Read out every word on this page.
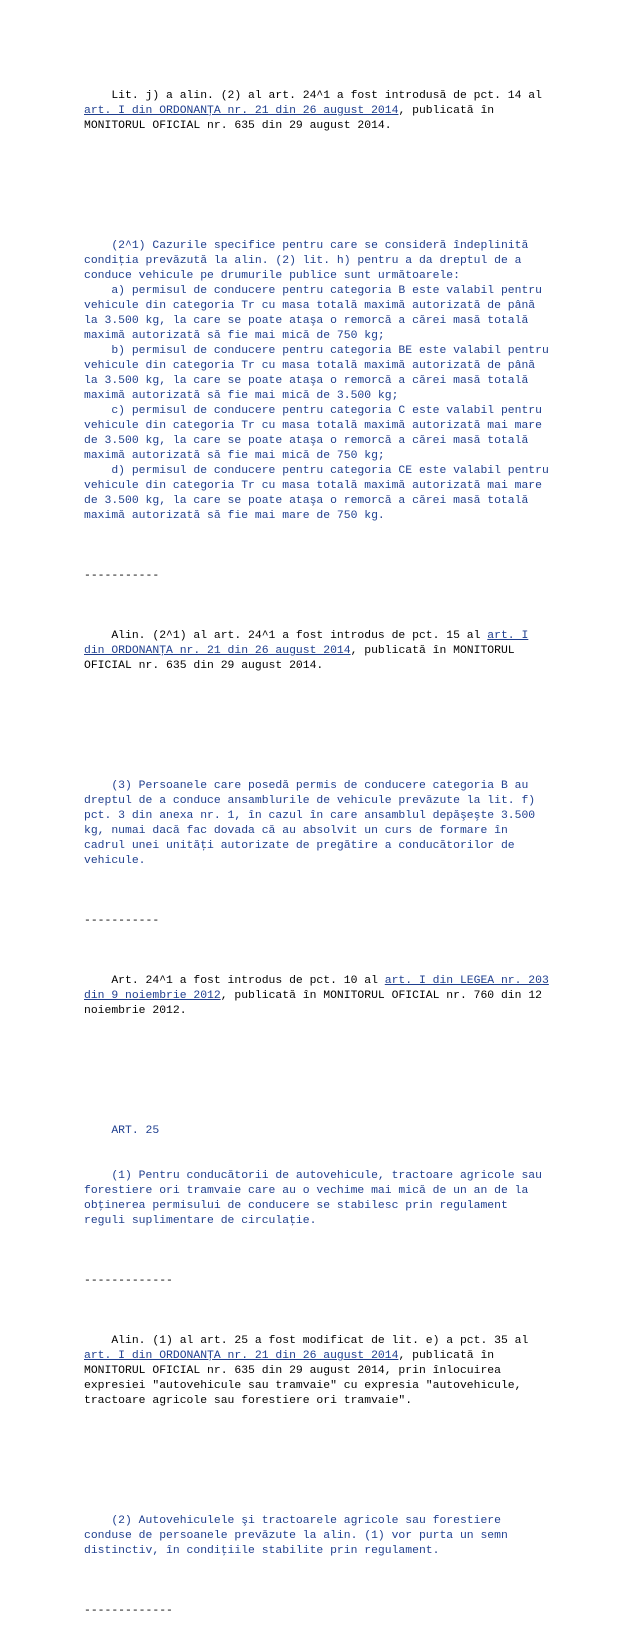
Lit. j) a alin. (2) al art. 24^1 a fost introdusă de pct. 14 al
art. I din ORDONANŢA nr. 21 din 26 august 2014, publicată în
MONITORUL OFICIAL nr. 635 din 29 august 2014.

(2^1) Cazurile specifice pentru care se consideră îndeplinită
condiţia prevăzută la alin. (2) lit. h) pentru a da dreptul de a
conduce vehicule pe drumurile publice sunt următoarele:
a) permisul de conducere pentru categoria B este valabil pentru
vehicule din categoria Tr cu masa totală maximă autorizată de până
la 3.500 kg, la care se poate ataşa o remorcă a cărei masă totală
maximă autorizată să fie mai mică de 750 kg;
b) permisul de conducere pentru categoria BE este valabil pentru
vehicule din categoria Tr cu masa totală maximă autorizată de până
la 3.500 kg, la care se poate ataşa o remorcă a cărei masă totală
maximă autorizată să fie mai mică de 3.500 kg;
c) permisul de conducere pentru categoria C este valabil pentru
vehicule din categoria Tr cu masa totală maximă autorizată mai mare
de 3.500 kg, la care se poate ataşa o remorcă a cărei masă totală
maximă autorizată să fie mai mică de 750 kg;
d) permisul de conducere pentru categoria CE este valabil pentru
vehicule din categoria Tr cu masa totală maximă autorizată mai mare
de 3.500 kg, la care se poate ataşa o remorcă a cărei masă totală
maximă autorizată să fie mai mare de 750 kg.

-----------

Alin. (2^1) al art. 24^1 a fost introdus de pct. 15 al art. I
din ORDONANŢA nr. 21 din 26 august 2014, publicată în MONITORUL
OFICIAL nr. 635 din 29 august 2014.

(3) Persoanele care posedă permis de conducere categoria B au
dreptul de a conduce ansamblurile de vehicule prevăzute la lit. f)
pct. 3 din anexa nr. 1, în cazul în care ansamblul depăşeşte 3.500
kg, numai dacă fac dovada că au absolvit un curs de formare în
cadrul unei unităţi autorizate de pregătire a conducătorilor de
vehicule.

-----------

Art. 24^1 a fost introdus de pct. 10 al art. I din LEGEA nr. 203
din 9 noiembrie 2012, publicată în MONITORUL OFICIAL nr. 760 din 12
noiembrie 2012.

ART. 25

(1) Pentru conducătorii de autovehicule, tractoare agricole sau
forestiere ori tramvaie care au o vechime mai mică de un an de la
obţinerea permisului de conducere se stabilesc prin regulament
reguli suplimentare de circulaţie.

-------------

Alin. (1) al art. 25 a fost modificat de lit. e) a pct. 35 al
art. I din ORDONANŢA nr. 21 din 26 august 2014, publicată în
MONITORUL OFICIAL nr. 635 din 29 august 2014, prin înlocuirea
expresiei "autovehicule sau tramvaie" cu expresia "autovehicule,
tractoare agricole sau forestiere ori tramvaie".

(2) Autovehiculele şi tractoarele agricole sau forestiere
conduse de persoanele prevăzute la alin. (1) vor purta un semn
distinctiv, în condiţiile stabilite prin regulament.

-------------
